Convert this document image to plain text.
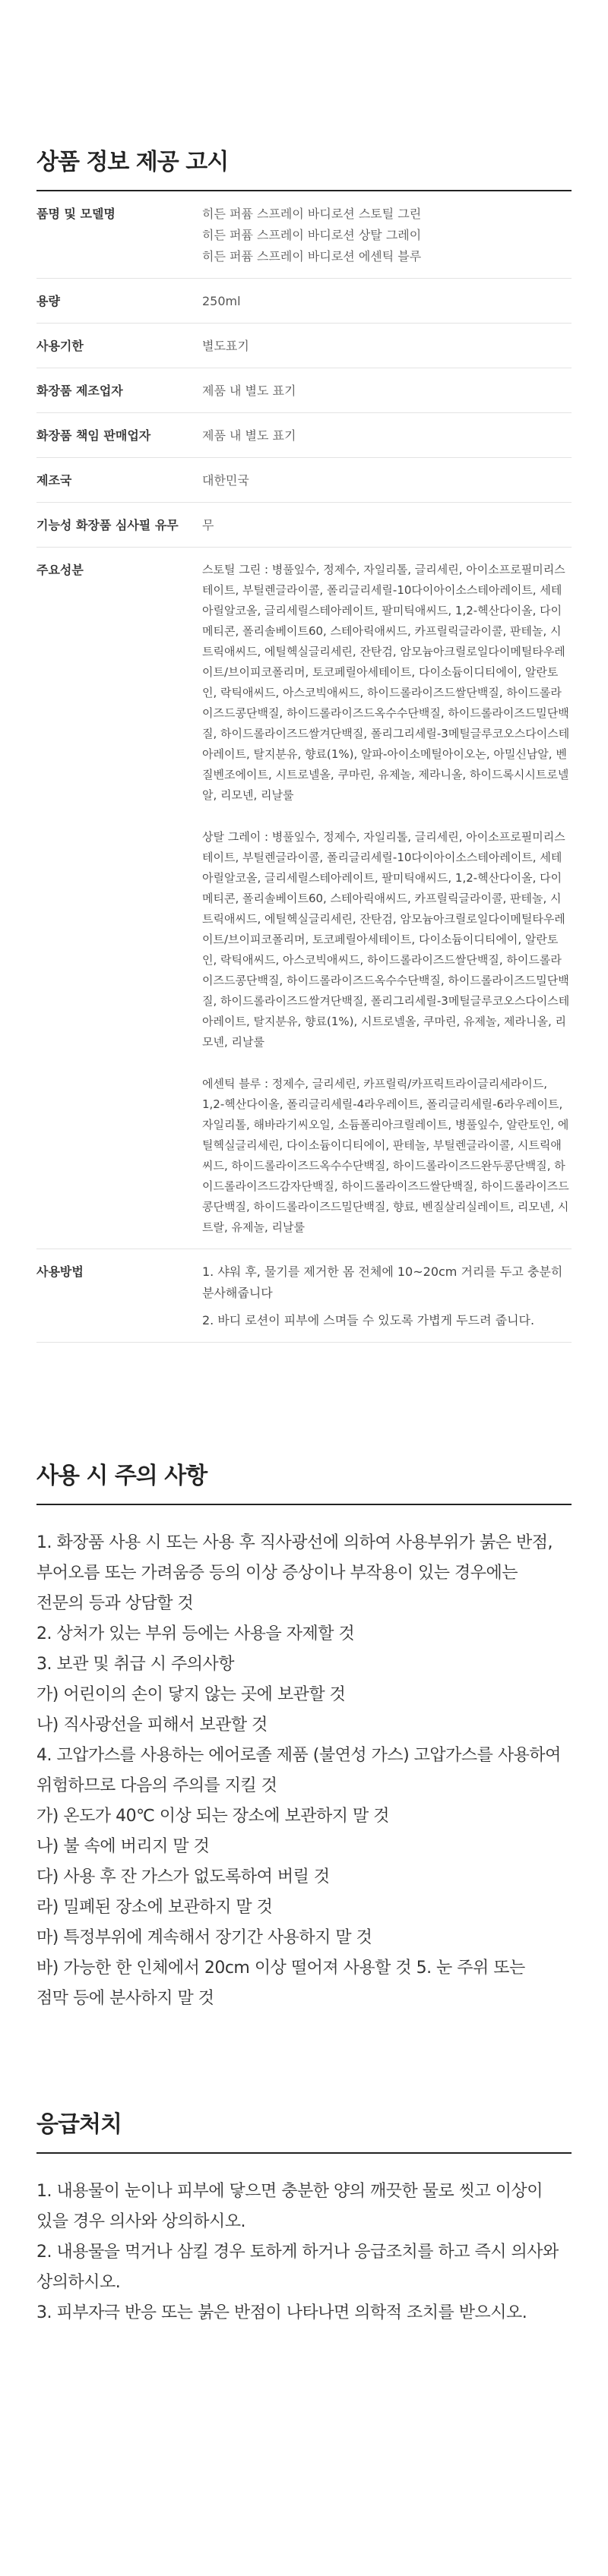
상품 정보 제공 고시
품명 및 모델명	히든 퍼퓸 스프레이 바디로션 스토틸 그린
히든 퍼퓸 스프레이 바디로션 상탈 그레이
히든 퍼퓸 스프레이 바디로션 에센틱 블루

용량	250ml
사용기한	별도표기
화장품 제조업자	제품 내 별도 표기
화장품 책임 판매업자	제품 내 별도 표기
제조국	대한민국
기능성 화장품 심사필 유무	무
주요성분	스토틸 그린 : 병풀잎수, 정제수, 자일리톨, 글리세린, 아이소프로필미리스테이트, 부틸렌글라이콜, 폴리글리세릴-10다이아이소스테아레이트, 세테아릴알코올, 글리세릴스테아레이트, 팔미틱애씨드, 1,2-헥산다이올, 다이메티콘, 폴리솔베이트60, 스테아릭애씨드, 카프릴릭글라이콜, 판테놀, 시트릭애씨드, 에틸헥실글리세린, 잔탄검, 암모늄아크릴로일다이메틸타우레이트/브이피코폴리머, 토코페릴아세테이트, 다이소듐이디티에이, 알란토인, 락틱애씨드, 아스코빅애씨드, 하이드롤라이즈드쌀단백질, 하이드롤라이즈드콩단백질, 하이드롤라이즈드옥수수단백질, 하이드롤라이즈드밀단백질, 하이드롤라이즈드쌀겨단백질, 폴리그리세릴-3메틸글루코오스다이스테아레이트, 탈지분유, 향료(1%), 알파-아이소메틸아이오논, 아밀신남알, 벤질벤조에이트, 시트로넬올, 쿠마린, 유제놀, 제라니올, 하이드록시시트로넬알, 리모넨, 리날룰
상탈 그레이 : 병풀잎수, 정제수, 자일리톨, 글리세린, 아이소프로필미리스테이트, 부틸렌글라이콜, 폴리글리세릴-10다이아이소스테아레이트, 세테아릴알코올, 글리세릴스테아레이트, 팔미틱애씨드, 1,2-헥산다이올, 다이메티콘, 폴리솔베이트60, 스테아릭애씨드, 카프릴릭글라이콜, 판테놀, 시트릭애씨드, 에틸헥실글리세린, 잔탄검, 암모늄아크릴로일다이메틸타우레이트/브이피코폴리머, 토코페릴아세테이트, 다이소듐이디티에이, 알란토인, 락틱애씨드, 아스코빅애씨드, 하이드롤라이즈드쌀단백질, 하이드롤라이즈드콩단백질, 하이드롤라이즈드옥수수단백질, 하이드롤라이즈드밀단백질, 하이드롤라이즈드쌀겨단백질, 폴리그리세릴-3메틸글루코오스다이스테아레이트, 탈지분유, 향료(1%), 시트로넬올, 쿠마린, 유제놀, 제라니올, 리모넨, 리날룰
에센틱 블루 : 정제수, 글리세린, 카프릴릭/카프릭트라이글리세라이드, 1,2-헥산다이올, 폴리글리세릴-4라우레이트, 폴리글리세릴-6라우레이트, 자일리톨, 해바라기씨오일, 소듐폴리아크릴레이트, 병풀잎수, 알란토인, 에틸헥실글리세린, 다이소듐이디티에이, 판테놀, 부틸렌글라이콜, 시트릭애씨드, 하이드롤라이즈드옥수수단백질, 하이드롤라이즈드완두콩단백질, 하이드롤라이즈드감자단백질, 하이드롤라이즈드쌀단백질, 하이드롤라이즈드콩단백질, 하이드롤라이즈드밀단백질, 향료, 벤질살리실레이트, 리모넨, 시트랄, 유제놀, 리날룰

사용방법	1. 샤워 후, 물기를 제거한 몸 전체에 10~20cm 거리를 두고 충분히 분사해줍니다
2. 바디 로션이 피부에 스며들 수 있도록 가볍게 두드려 줍니다.
사용 시 주의 사항
1. 화장품 사용 시 또는 사용 후 직사광선에 의하여 사용부위가 붉은 반점,
부어오름 또는 가려움증 등의 이상 증상이나 부작용이 있는 경우에는
전문의 등과 상담할 것
2. 상처가 있는 부위 등에는 사용을 자제할 것
3. 보관 및 취급 시 주의사항
가) 어린이의 손이 닿지 않는 곳에 보관할 것
나) 직사광선을 피해서 보관할 것
4. 고압가스를 사용하는 에어로졸 제품 (불연성 가스) 고압가스를 사용하여
위험하므로 다음의 주의를 지킬 것
가) 온도가 40℃ 이상 되는 장소에 보관하지 말 것
나) 불 속에 버리지 말 것
다) 사용 후 잔 가스가 없도록하여 버릴 것
라) 밀폐된 장소에 보관하지 말 것
마) 특정부위에 계속해서 장기간 사용하지 말 것
바) 가능한 한 인체에서 20cm 이상 떨어져 사용할 것 5. 눈 주위 또는
점막 등에 분사하지 말 것
응급처치
1. 내용물이 눈이나 피부에 닿으면 충분한 양의 깨끗한 물로 씻고 이상이
있을 경우 의사와 상의하시오.
2. 내용물을 먹거나 삼킬 경우 토하게 하거나 응급조치를 하고 즉시 의사와
상의하시오.
3. 피부자극 반응 또는 붉은 반점이 나타나면 의학적 조치를 받으시오.
